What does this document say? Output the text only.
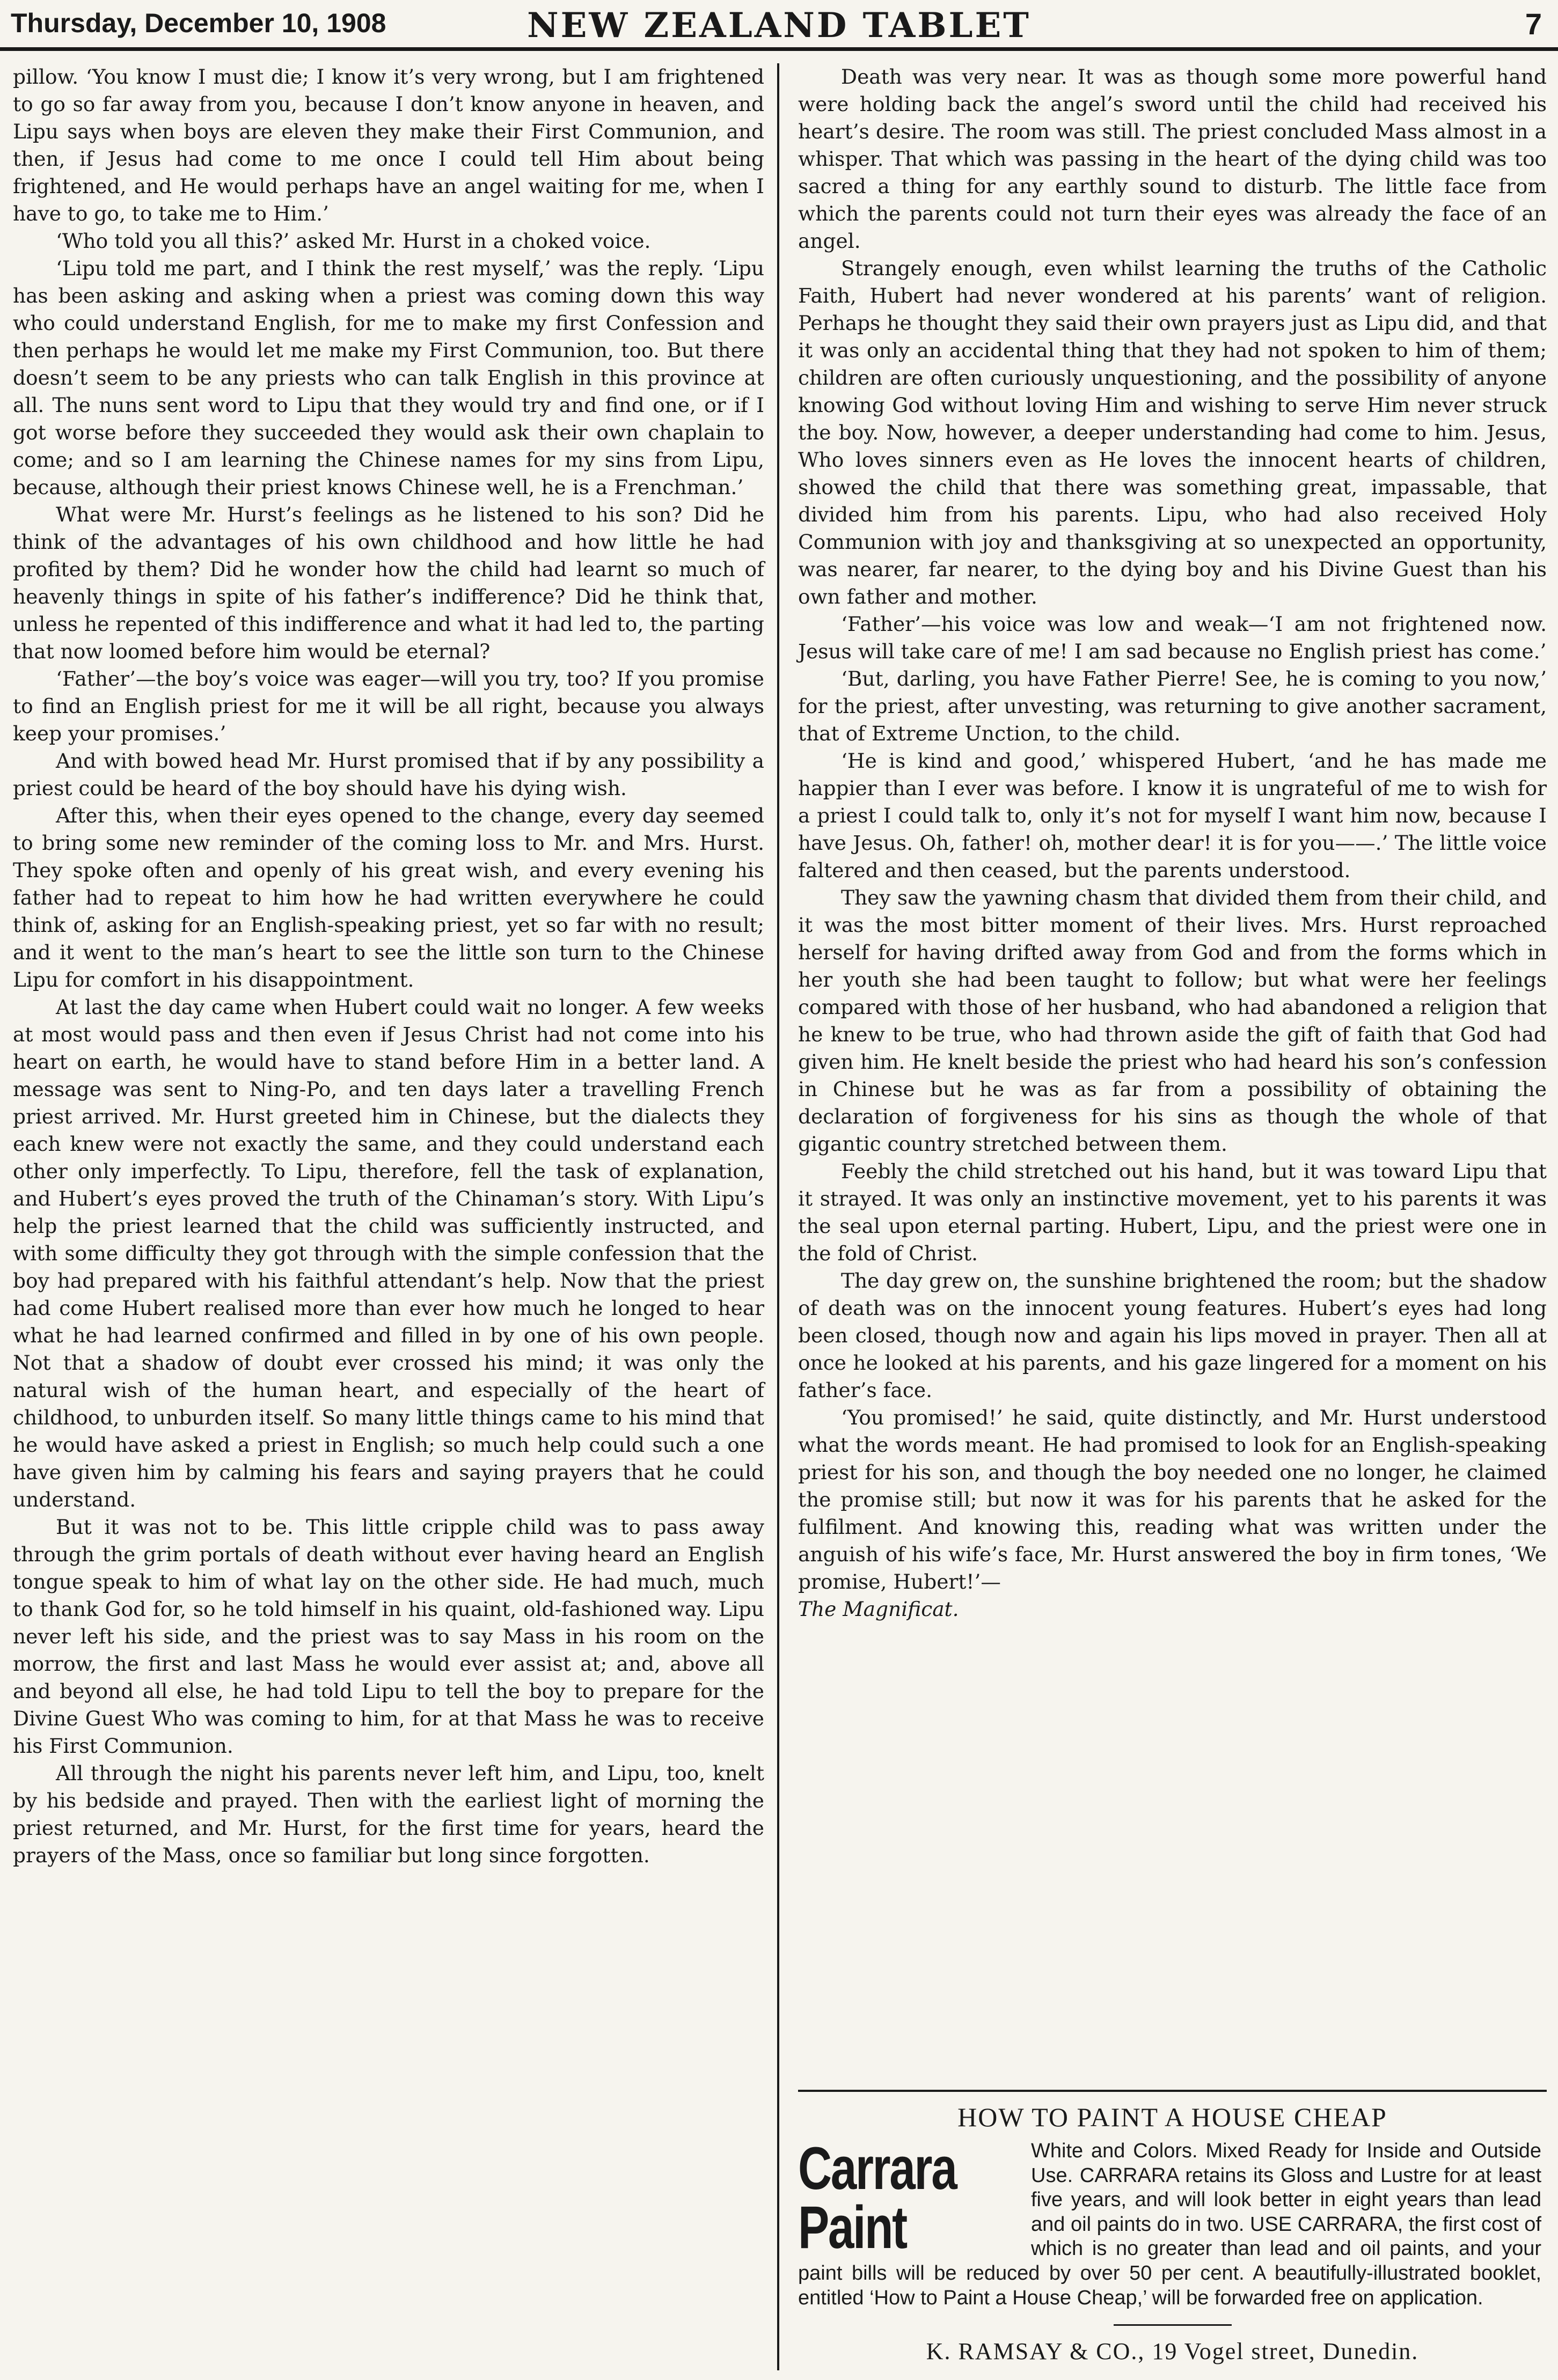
Thursday, December 10, 1908	NEW ZEALAND TABLET	7

pillow. ‘You know I must die; I know it’s very wrong, but I am frightened to go so far away from you, because I don’t know anyone in heaven, and Lipu says when boys are eleven they make their First Communion, and then, if Jesus had come to me once I could tell Him about being frightened, and He would perhaps have an angel waiting for me, when I have to go, to take me to Him.’

‘Who told you all this?’ asked Mr. Hurst in a choked voice.

‘Lipu told me part, and I think the rest myself,’ was the reply. ‘Lipu has been asking and asking when a priest was coming down this way who could understand English, for me to make my first Confession and then perhaps he would let me make my First Communion, too. But there doesn’t seem to be any priests who can talk English in this province at all. The nuns sent word to Lipu that they would try and find one, or if I got worse before they succeeded they would ask their own chaplain to come; and so I am learning the Chinese names for my sins from Lipu, because, although their priest knows Chinese well, he is a Frenchman.’

What were Mr. Hurst’s feelings as he listened to his son? Did he think of the advantages of his own childhood and how little he had profited by them? Did he wonder how the child had learnt so much of heavenly things in spite of his father’s indifference? Did he think that, unless he repented of this indifference and what it had led to, the parting that now loomed before him would be eternal?

‘Father’—the boy’s voice was eager—will you try, too? If you promise to find an English priest for me it will be all right, because you always keep your promises.’

And with bowed head Mr. Hurst promised that if by any possibility a priest could be heard of the boy should have his dying wish.

After this, when their eyes opened to the change, every day seemed to bring some new reminder of the coming loss to Mr. and Mrs. Hurst. They spoke often and openly of his great wish, and every evening his father had to repeat to him how he had written everywhere he could think of, asking for an English-speaking priest, yet so far with no result; and it went to the man’s heart to see the little son turn to the Chinese Lipu for comfort in his disappointment.

At last the day came when Hubert could wait no longer. A few weeks at most would pass and then even if Jesus Christ had not come into his heart on earth, he would have to stand before Him in a better land. A message was sent to Ning-Po, and ten days later a travelling French priest arrived. Mr. Hurst greeted him in Chinese, but the dialects they each knew were not exactly the same, and they could understand each other only imperfectly. To Lipu, therefore, fell the task of explanation, and Hubert’s eyes proved the truth of the Chinaman’s story. With Lipu’s help the priest learned that the child was sufficiently instructed, and with some difficulty they got through with the simple confession that the boy had prepared with his faithful attendant’s help. Now that the priest had come Hubert realised more than ever how much he longed to hear what he had learned confirmed and filled in by one of his own people. Not that a shadow of doubt ever crossed his mind; it was only the natural wish of the human heart, and especially of the heart of childhood, to unburden itself. So many little things came to his mind that he would have asked a priest in English; so much help could such a one have given him by calming his fears and saying prayers that he could understand.

But it was not to be. This little cripple child was to pass away through the grim portals of death without ever having heard an English tongue speak to him of what lay on the other side. He had much, much to thank God for, so he told himself in his quaint, old-fashioned way. Lipu never left his side, and the priest was to say Mass in his room on the morrow, the first and last Mass he would ever assist at; and, above all and beyond all else, he had told Lipu to tell the boy to prepare for the Divine Guest Who was coming to him, for at that Mass he was to receive his First Communion.

All through the night his parents never left him, and Lipu, too, knelt by his bedside and prayed. Then with the earliest light of morning the priest returned, and Mr. Hurst, for the first time for years, heard the prayers of the Mass, once so familiar but long since forgotten.

Death was very near. It was as though some more powerful hand were holding back the angel’s sword until the child had received his heart’s desire. The room was still. The priest concluded Mass almost in a whisper. That which was passing in the heart of the dying child was too sacred a thing for any earthly sound to disturb. The little face from which the parents could not turn their eyes was already the face of an angel.

Strangely enough, even whilst learning the truths of the Catholic Faith, Hubert had never wondered at his parents’ want of religion. Perhaps he thought they said their own prayers just as Lipu did, and that it was only an accidental thing that they had not spoken to him of them; children are often curiously unquestioning, and the possibility of anyone knowing God without loving Him and wishing to serve Him never struck the boy. Now, however, a deeper understanding had come to him. Jesus, Who loves sinners even as He loves the innocent hearts of children, showed the child that there was something great, impassable, that divided him from his parents. Lipu, who had also received Holy Communion with joy and thanksgiving at so unexpected an opportunity, was nearer, far nearer, to the dying boy and his Divine Guest than his own father and mother.

‘Father’—his voice was low and weak—‘I am not frightened now. Jesus will take care of me! I am sad because no English priest has come.’

‘But, darling, you have Father Pierre! See, he is coming to you now,’ for the priest, after unvesting, was returning to give another sacrament, that of Extreme Unction, to the child.

‘He is kind and good,’ whispered Hubert, ‘and he has made me happier than I ever was before. I know it is ungrateful of me to wish for a priest I could talk to, only it’s not for myself I want him now, because I have Jesus. Oh, father! oh, mother dear! it is for you——.’ The little voice faltered and then ceased, but the parents understood.

They saw the yawning chasm that divided them from their child, and it was the most bitter moment of their lives. Mrs. Hurst reproached herself for having drifted away from God and from the forms which in her youth she had been taught to follow; but what were her feelings compared with those of her husband, who had abandoned a religion that he knew to be true, who had thrown aside the gift of faith that God had given him. He knelt beside the priest who had heard his son’s confession in Chinese but he was as far from a possibility of obtaining the declaration of forgiveness for his sins as though the whole of that gigantic country stretched between them.

Feebly the child stretched out his hand, but it was toward Lipu that it strayed. It was only an instinctive movement, yet to his parents it was the seal upon eternal parting. Hubert, Lipu, and the priest were one in the fold of Christ.

The day grew on, the sunshine brightened the room; but the shadow of death was on the innocent young features. Hubert’s eyes had long been closed, though now and again his lips moved in prayer. Then all at once he looked at his parents, and his gaze lingered for a moment on his father’s face.

‘You promised!’ he said, quite distinctly, and Mr. Hurst understood what the words meant. He had promised to look for an English-speaking priest for his son, and though the boy needed one no longer, he claimed the promise still; but now it was for his parents that he asked for the fulfilment. And knowing this, reading what was written under the anguish of his wife’s face, Mr. Hurst answered the boy in firm tones, ‘We promise, Hubert!’—

The Magnificat.

HOW TO PAINT A HOUSE CHEAP
Carrara Paint
White and Colors. Mixed Ready for Inside and Outside Use. CARRARA retains its Gloss and Lustre for at least five years, and will look better in eight years than lead and oil paints do in two. USE CARRARA, the first cost of which is no greater than lead and oil paints, and your paint bills will be reduced by over 50 per cent. A beautifully-illustrated booklet, entitled ‘How to Paint a House Cheap,’ will be forwarded free on application.
K. RAMSAY & CO., 19 Vogel street, Dunedin.
